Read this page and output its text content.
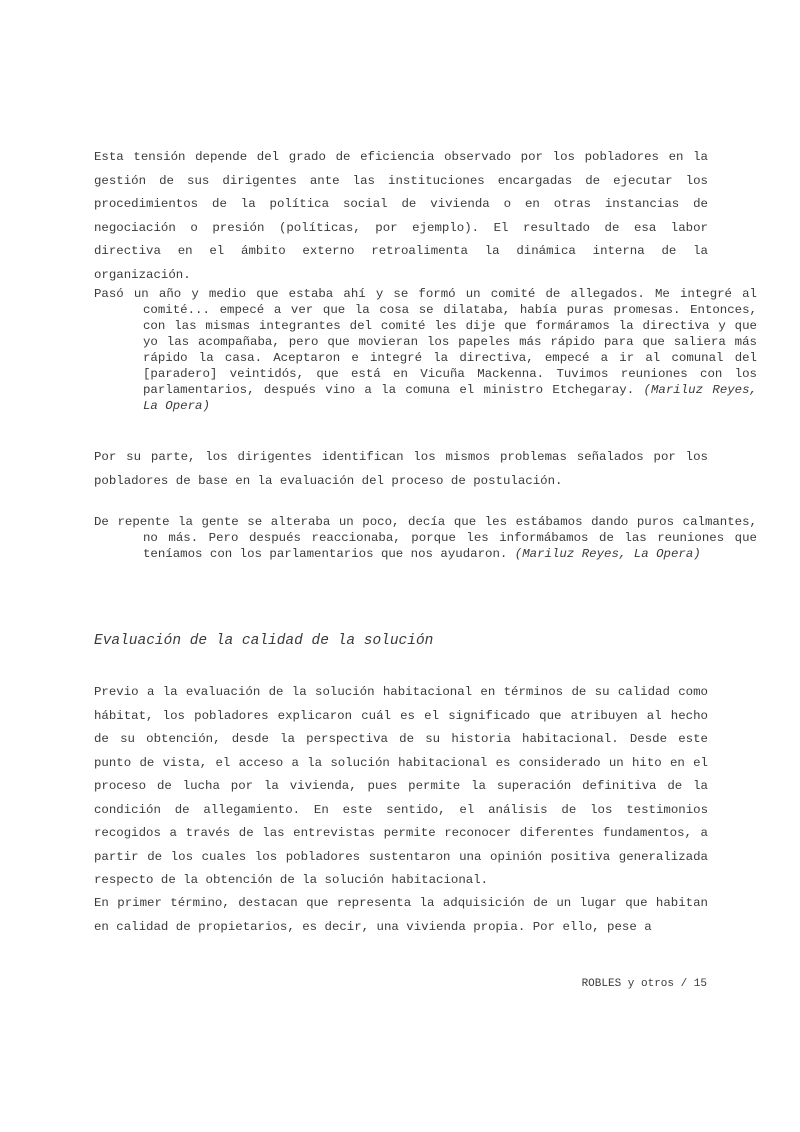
Esta tensión depende del grado de eficiencia observado por los pobladores en la gestión de sus dirigentes ante las instituciones encargadas de ejecutar los procedimientos de la política social de vivienda o en otras instancias de negociación o presión (políticas, por ejemplo). El resultado de esa labor directiva en el ámbito externo retroalimenta la dinámica interna de la organización.

Pasó un año y medio que estaba ahí y se formó un comité de allegados. Me integré al comité... empecé a ver que la cosa se dilataba, había puras promesas. Entonces, con las mismas integrantes del comité les dije que formáramos la directiva y que yo las acompañaba, pero que movieran los papeles más rápido para que saliera más rápido la casa. Aceptaron e integré la directiva, empecé a ir al comunal del [paradero] veintidós, que está en Vicuña Mackenna. Tuvimos reuniones con los parlamentarios, después vino a la comuna el ministro Etchegaray. (Mariluz Reyes, La Opera)

Por su parte, los dirigentes identifican los mismos problemas señalados por los pobladores de base en la evaluación del proceso de postulación.

De repente la gente se alteraba un poco, decía que les estábamos dando puros calmantes, no más. Pero después reaccionaba, porque les informábamos de las reuniones que teníamos con los parlamentarios que nos ayudaron. (Mariluz Reyes, La Opera)

Evaluación de la calidad de la solución

Previo a la evaluación de la solución habitacional en términos de su calidad como hábitat, los pobladores explicaron cuál es el significado que atribuyen al hecho de su obtención, desde la perspectiva de su historia habitacional. Desde este punto de vista, el acceso a la solución habitacional es considerado un hito en el proceso de lucha por la vivienda, pues permite la superación definitiva de la condición de allegamiento. En este sentido, el análisis de los testimonios recogidos a través de las entrevistas permite reconocer diferentes fundamentos, a partir de los cuales los pobladores sustentaron una opinión positiva generalizada respecto de la obtención de la solución habitacional.

En primer término, destacan que representa la adquisición de un lugar que habitan en calidad de propietarios, es decir, una vivienda propia. Por ello, pese a

ROBLES y otros / 15
